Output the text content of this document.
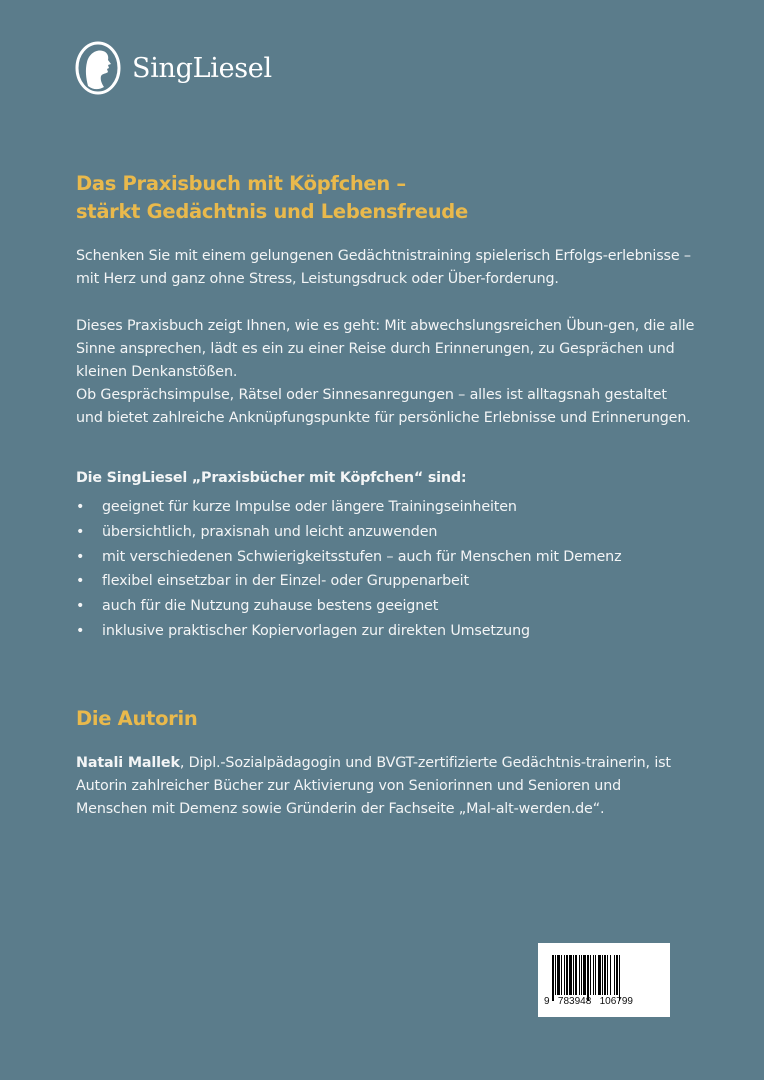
SingLiesel
Das Praxisbuch mit Köpfchen –
stärkt Gedächtnis und Lebensfreude

Schenken Sie mit einem gelungenen Gedächtnistraining spielerisch Erfolgs-erlebnisse – mit Herz und ganz ohne Stress, Leistungsdruck oder Über-forderung.

Dieses Praxisbuch zeigt Ihnen, wie es geht: Mit abwechslungsreichen Übun-gen, die alle Sinne ansprechen, lädt es ein zu einer Reise durch Erinnerungen, zu Gesprächen und kleinen Denkanstößen.

Ob Gesprächsimpulse, Rätsel oder Sinnesanregungen – alles ist alltagsnah gestaltet und bietet zahlreiche Anknüpfungspunkte für persönliche Erlebnisse und Erinnerungen.

Die SingLiesel „Praxisbücher mit Köpfchen“ sind:
•	geeignet für kurze Impulse oder längere Trainingseinheiten
•	übersichtlich, praxisnah und leicht anzuwenden
•	mit verschiedenen Schwierigkeitsstufen – auch für Menschen mit Demenz
•	flexibel einsetzbar in der Einzel- oder Gruppenarbeit
•	auch für die Nutzung zuhause bestens geeignet
•	inklusive praktischer Kopiervorlagen zur direkten Umsetzung
Die Autorin

Natali Mallek, Dipl.-Sozialpädagogin und BVGT-zertifizierte Gedächtnis-trainerin, ist Autorin zahlreicher Bücher zur Aktivierung von Seniorinnen und Senioren und Menschen mit Demenz sowie Gründerin der Fachseite „Mal-alt-werden.de“.

9   783948   106799
